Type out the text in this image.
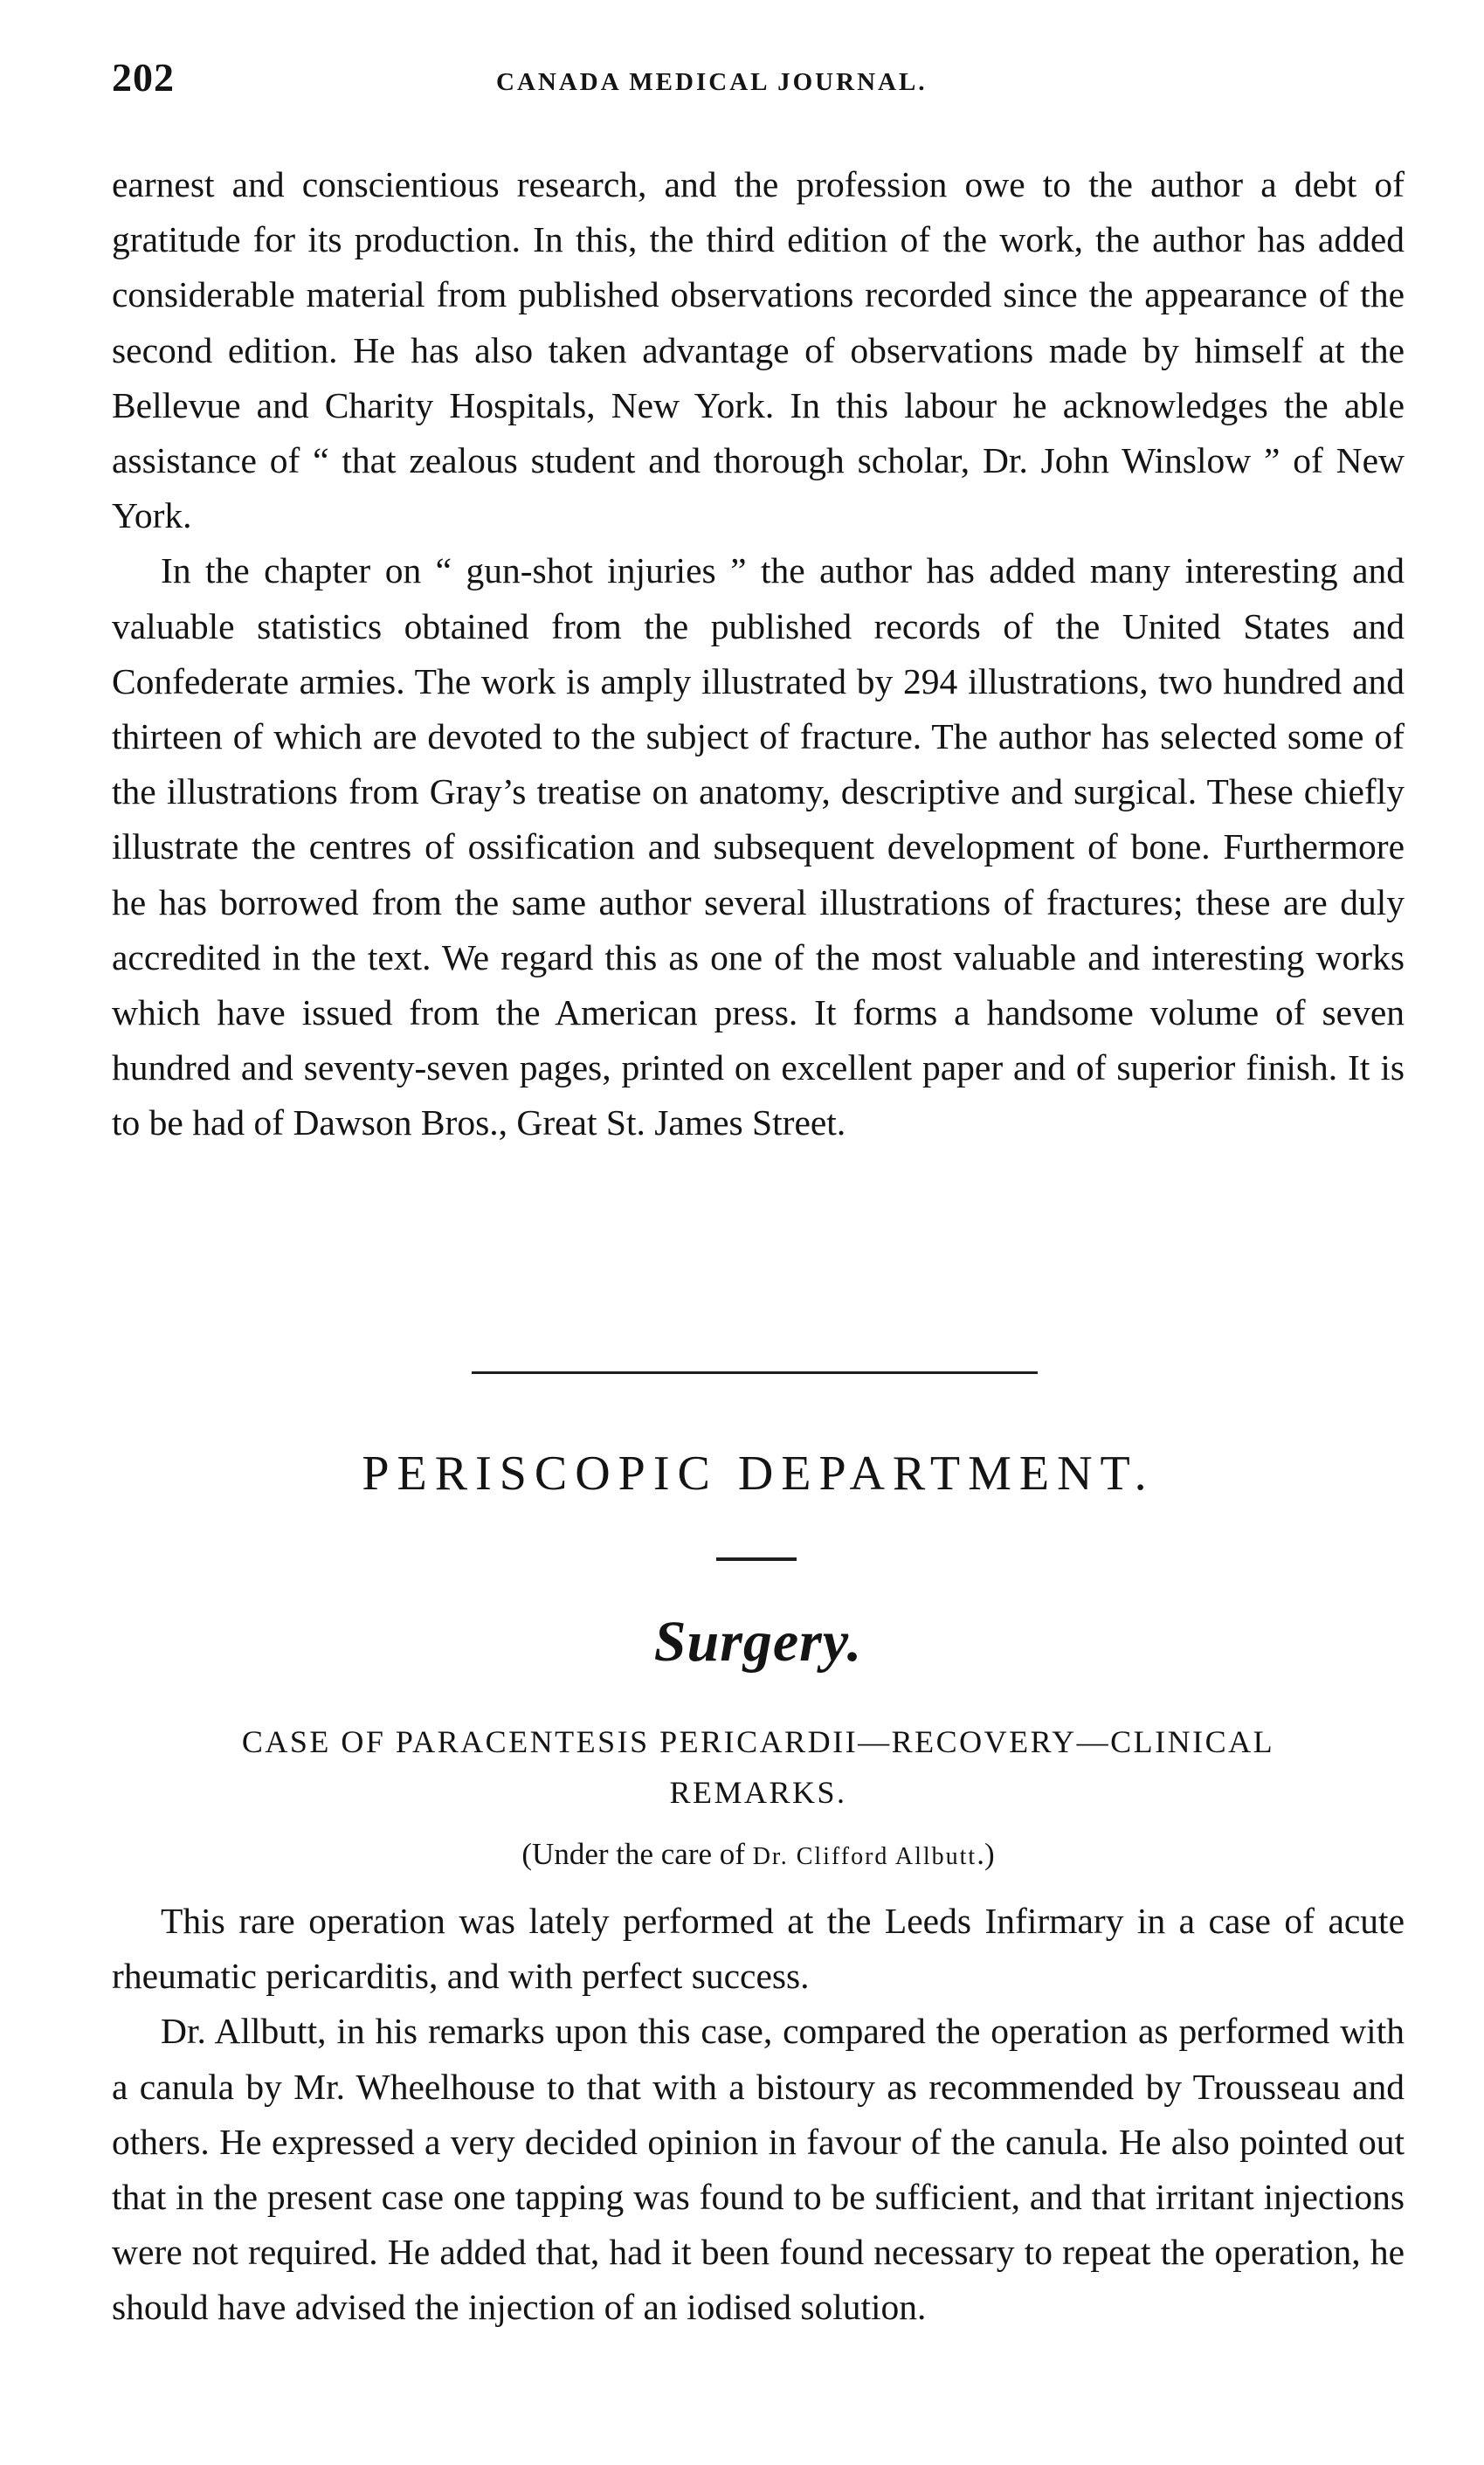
202	CANADA MEDICAL JOURNAL.

earnest and conscientious research, and the profession owe to the author a debt of gratitude for its production. In this, the third edition of the work, the author has added considerable material from published observations recorded since the appearance of the second edition. He has also taken advantage of observations made by himself at the Bellevue and Charity Hospitals, New York. In this labour he acknowledges the able assistance of “ that zealous student and thorough scholar, Dr. John Winslow ” of New York.

In the chapter on “ gun-shot injuries ” the author has added many interesting and valuable statistics obtained from the published records of the United States and Confederate armies. The work is amply illustrated by 294 illustrations, two hundred and thirteen of which are devoted to the subject of fracture. The author has selected some of the illustrations from Gray’s treatise on anatomy, descriptive and surgical. These chiefly illustrate the centres of ossification and subsequent development of bone. Furthermore he has borrowed from the same author several illustrations of fractures; these are duly accredited in the text. We regard this as one of the most valuable and interesting works which have issued from the American press. It forms a handsome volume of seven hundred and seventy-seven pages, printed on excellent paper and of superior finish. It is to be had of Dawson Bros., Great St. James Street.

PERISCOPIC DEPARTMENT.
Surgery.
CASE OF PARACENTESIS PERICARDII—RECOVERY—CLINICAL
REMARKS.

(Under the care of Dr. Clifford Allbutt.)

This rare operation was lately performed at the Leeds Infirmary in a case of acute rheumatic pericarditis, and with perfect success.

Dr. Allbutt, in his remarks upon this case, compared the operation as performed with a canula by Mr. Wheelhouse to that with a bistoury as recommended by Trousseau and others. He expressed a very decided opinion in favour of the canula. He also pointed out that in the present case one tapping was found to be sufficient, and that irritant injections were not required. He added that, had it been found necessary to repeat the operation, he should have advised the injection of an iodised solution.
